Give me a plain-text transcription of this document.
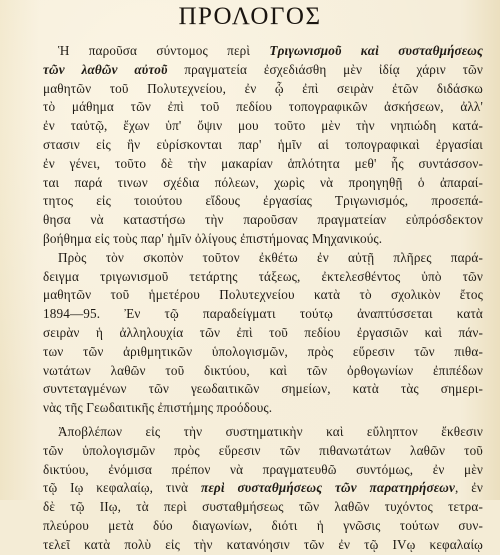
ΠΡΟΛΟΓΟΣ
Ἡ παροῦσα σύντομος περὶ Τριγωνισμοῦ καὶ συσταθμήσεως
τῶν λαθῶν αὐτοῦ πραγματεία ἐσχεδιάσθη μὲν ἰδίᾳ χάριν τῶν
μαθητῶν τοῦ Πολυτεχνείου, ἐν ᾧ ἐπὶ σειρὰν ἐτῶν διδάσκω
τὸ μάθημα τῶν ἐπὶ τοῦ πεδίου τοπογραφικῶν ἀσκήσεων, ἀλλ'
ἐν ταὐτῷ, ἔχων ὑπ' ὄψιν μου τοῦτο μὲν τὴν νηπιώδη κατά-
στασιν εἰς ἣν εὑρίσκονται παρ' ἡμῖν αἱ τοπογραφικαὶ ἐργασίαι
ἐν γένει, τοῦτο δὲ τὴν μακαρίαν ἁπλότητα μεθ' ἧς συντάσσον-
ται παρά τινων σχέδια πόλεων, χωρὶς νὰ προηγηθῇ ὁ ἀπαραί-
τητος εἰς τοιούτου εἴδους ἐργασίας Τριγωνισμός, προσεπά-
θησα νὰ καταστήσω τὴν παροῦσαν πραγματείαν εὐπρόσδεκτον
βοήθημα εἰς τοὺς παρ' ἡμῖν ὀλίγους ἐπιστήμονας Μηχανικούς.
Πρὸς τὸν σκοπὸν τοῦτον ἐκθέτω ἐν αὐτῇ πλῆρες παρά-
δειγμα τριγωνισμοῦ τετάρτης τάξεως, ἐκτελεσθέντος ὑπὸ τῶν
μαθητῶν τοῦ ἡμετέρου Πολυτεχνείου κατὰ τὸ σχολικὸν ἔτος
1894—95. Ἐν τῷ παραδείγματι τούτῳ ἀναπτύσσεται κατὰ
σειρὰν ἡ ἀλληλουχία τῶν ἐπὶ τοῦ πεδίου ἐργασιῶν καὶ πάν-
των τῶν ἀριθμητικῶν ὑπολογισμῶν, πρὸς εὕρεσιν τῶν πιθα-
νωτάτων λαθῶν τοῦ δικτύου, καὶ τῶν ὀρθογωνίων ἐπιπέδων
συντεταγμένων τῶν γεωδαιτικῶν σημείων, κατὰ τὰς σημερι-
νὰς τῆς Γεωδαιτικῆς ἐπιστήμης προόδους.
Ἀποβλέπων εἰς τὴν συστηματικὴν καὶ εὔληπτον ἔκθεσιν
τῶν ὑπολογισμῶν πρὸς εὕρεσιν τῶν πιθανωτάτων λαθῶν τοῦ
δικτύου, ἐνόμισα πρέπον νὰ πραγματευθῶ συντόμως, ἐν μὲν
τῷ Ιῳ κεφαλαίῳ, τινὰ περὶ συσταθμήσεως τῶν παρατηρήσεων, ἐν
δὲ τῷ ΙΙῳ, τὰ περὶ συσταθμήσεως τῶν λαθῶν τυχόντος τετρα-
πλεύρου μετὰ δύο διαγωνίων, διότι ἡ γνῶσις τούτων συν-
τελεῖ κατὰ πολὺ εἰς τὴν κατανόησιν τῶν ἐν τῷ ΙVῳ κεφαλαίῳ
